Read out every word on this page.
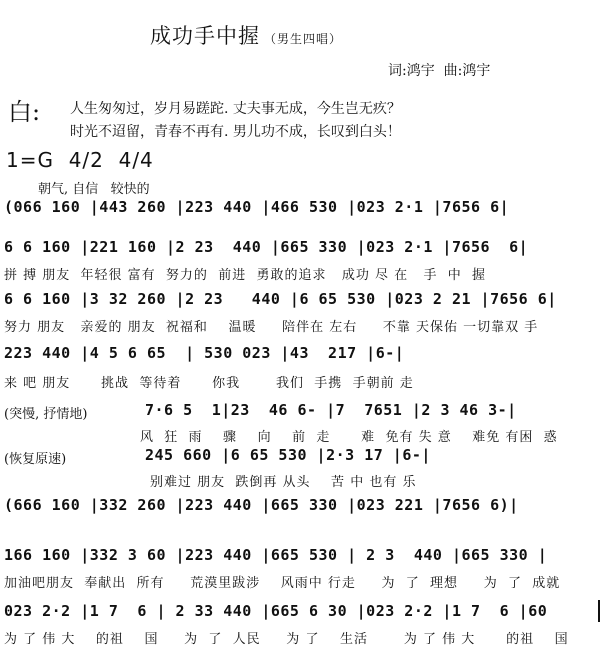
成功手中握 （男生四唱）
词:鸿宇  曲:鸿宇
白: 人生匆匆过，岁月易蹉跎. 丈夫事无成，今生岂无疚？
时光不迢留，青春不再有. 男儿功不成，长叹到白头！
1=G  4/2  4/4
朝气, 自信   较快的
(066 160 |443 260 |223 440 |466 530 |023 2·1 |7656 6|
6 6 160 |221 160 |2 23  440 |665 330 |023 2·1 |7656  6|
拼 搏 朋友  年轻很 富有  努力的  前进  勇敢的追求   成功 尽 在   手  中  握
6 6 160 |3 32 260 |2 23   440 |6 65 530 |023 2 21 |7656 6|
努力 朋友   亲爱的 朋友  祝福和    温暖     陪伴在 左右     不靠 天保佑 一切靠双 手
223 440 |4 5 6 65  | 530 023 |43  217 |6-|
来 吧 朋友      挑战  等待着      你我       我们  手携  手朝前 走
(突慢, 抒情地)	7·6 5  1|23  46 6- |7  7651 |2 3 46 3-|
风  狂  雨    骤    向    前  走      难  免有 失 意    难免 有困  惑
(恢复原速)	245 660 |6 65 530 |2·3 17 |6-|
别难过 朋友  跌倒再 从头    苦 中 也有 乐
(666 160 |332 260 |223 440 |665 330 |023 221 |7656 6)|
166 160 |332 3 60 |223 440 |665 530 | 2 3  440 |665 330 |
加油吧朋友  奉献出  所有     荒漠里跋涉    风雨中 行走     为  了  理想     为  了  成就
023 2·2 |1 7  6 | 2 33 440 |665 6 30 |023 2·2 |1 7  6 |60
为 了 伟 大    的祖    国     为  了  人民     为 了    生活       为 了 伟 大      的祖    国
